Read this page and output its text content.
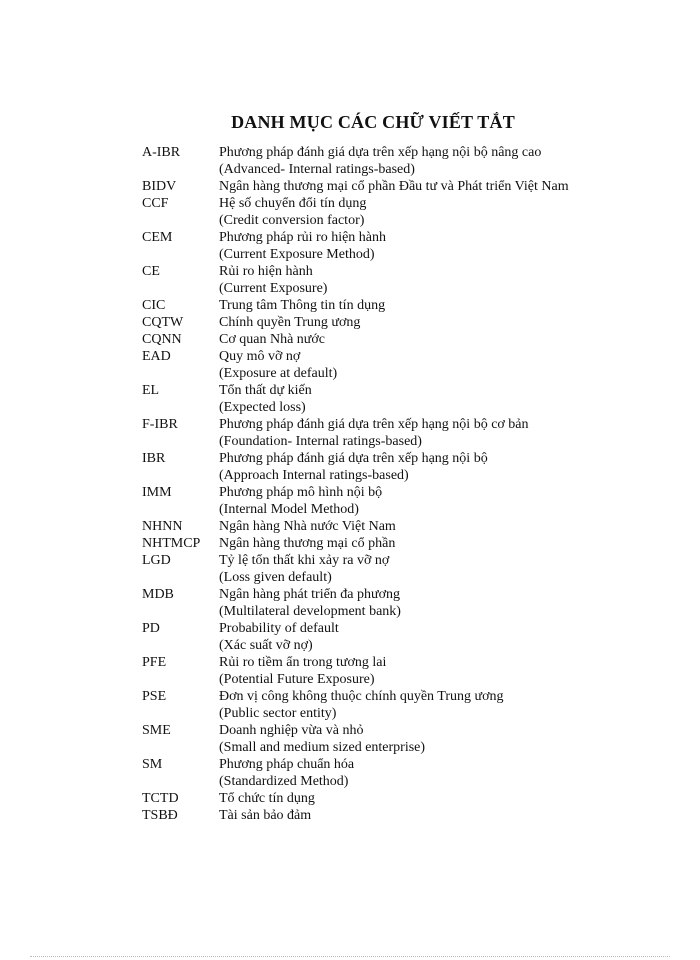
DANH MỤC CÁC CHỮ VIẾT TẮT
A-IBR	Phương pháp đánh giá dựa trên xếp hạng nội bộ nâng cao
(Advanced- Internal ratings-based)
BIDV	Ngân hàng thương mại cổ phần Đầu tư và Phát triển Việt Nam
CCF	Hệ số chuyển đổi tín dụng
(Credit conversion factor)
CEM	Phương pháp rủi ro hiện hành
(Current Exposure Method)
CE	Rủi ro hiện hành
(Current Exposure)
CIC	Trung tâm Thông tin tín dụng
CQTW	Chính quyền Trung ương
CQNN	Cơ quan Nhà nước
EAD	Quy mô vỡ nợ
(Exposure at default)
EL	Tổn thất dự kiến
(Expected loss)
F-IBR	Phương pháp đánh giá dựa trên xếp hạng nội bộ cơ bản
(Foundation- Internal ratings-based)
IBR	Phương pháp đánh giá dựa trên xếp hạng nội bộ
(Approach Internal ratings-based)
IMM	Phương pháp mô hình nội bộ
(Internal Model Method)
NHNN	Ngân hàng Nhà nước Việt Nam
NHTMCP	Ngân hàng thương mại cổ phần
LGD	Tỷ lệ tổn thất khi xảy ra vỡ nợ
(Loss given default)
MDB	Ngân hàng phát triển đa phương
(Multilateral development bank)
PD	Probability of default
(Xác suất vỡ nợ)
PFE	Rủi ro tiềm ẩn trong tương lai
(Potential Future Exposure)
PSE	Đơn vị công không thuộc chính quyền Trung ương
(Public sector entity)
SME	Doanh nghiệp vừa và nhỏ
(Small and medium sized enterprise)
SM	Phương pháp chuẩn hóa
(Standardized Method)
TCTD	Tổ chức tín dụng
TSBĐ	Tài sản bảo đảm
